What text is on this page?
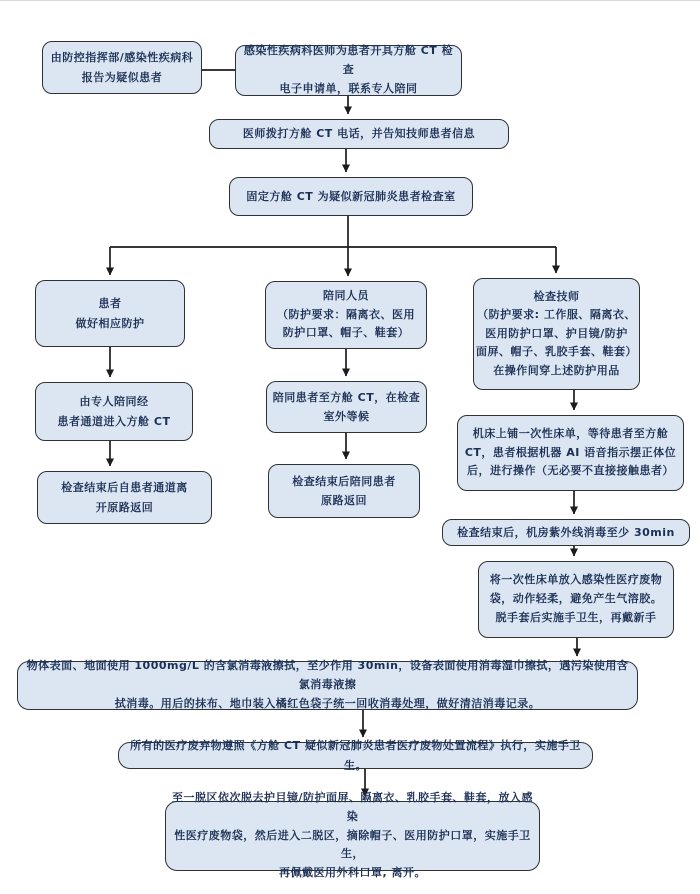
由防控指挥部/感染性疾病科
报告为疑似患者
感染性疾病科医师为患者开具方舱 CT 检查
电子申请单，联系专人陪同
医师拨打方舱 CT 电话，并告知技师患者信息
固定方舱 CT 为疑似新冠肺炎患者检查室
患者
做好相应防护
由专人陪同经
患者通道进入方舱 CT
检查结束后自患者通道离
开原路返回
陪同人员
（防护要求：隔离衣、医用
防护口罩、帽子、鞋套）
陪同患者至方舱 CT，在检查
室外等候
检查结束后陪同患者
原路返回
检查技师
（防护要求: 工作服、隔离衣、
医用防护口罩、护目镜/防护
面屏、帽子、乳胶手套、鞋套）
在操作间穿上述防护用品
机床上铺一次性床单，等待患者至方舱
CT，患者根据机器 AI 语音指示摆正体位
后，进行操作（无必要不直接接触患者）
检查结束后，机房紫外线消毒至少 30min
将一次性床单放入感染性医疗废物
袋，动作轻柔，避免产生气溶胶。
脱手套后实施手卫生，再戴新手
物体表面、地面使用 1000mg/L 的含氯消毒液擦拭，至少作用 30min，设备表面使用消毒湿巾擦拭，遇污染使用含氯消毒液擦
拭消毒。用后的抹布、地巾装入橘红色袋子统一回收消毒处理，做好清洁消毒记录。
所有的医疗废弃物遵照《方舱 CT 疑似新冠肺炎患者医疗废物处置流程》执行，实施手卫生。
至一脱区依次脱去护目镜/防护面屏、隔离衣、乳胶手套、鞋套，放入感染
性医疗废物袋，然后进入二脱区，摘除帽子、医用防护口罩，实施手卫生，
再佩戴医用外科口罩, 离开。
